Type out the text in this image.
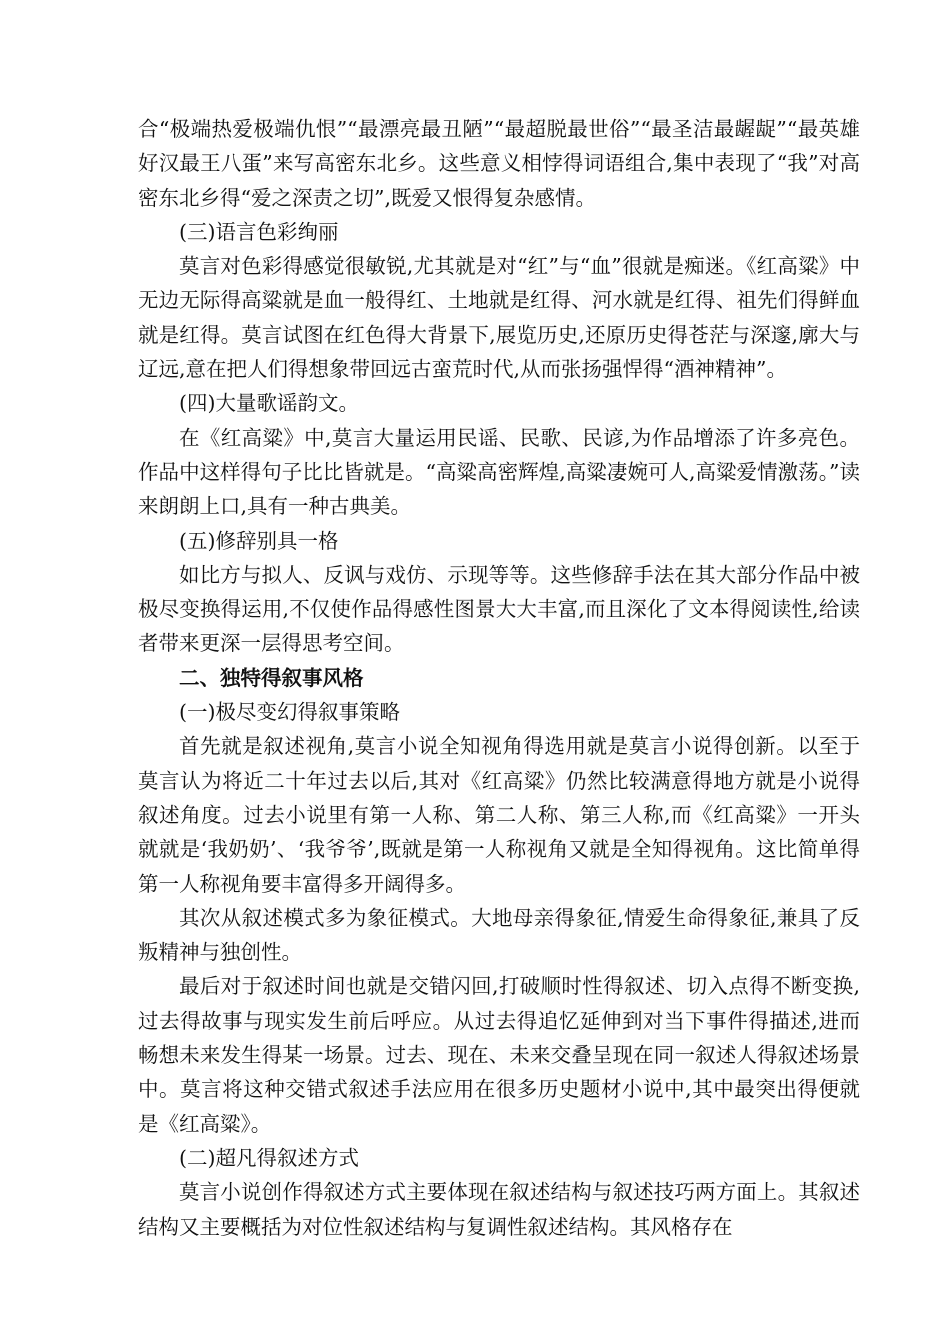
合“极端热爱极端仇恨”“最漂亮最丑陋”“最超脱最世俗”“最圣洁最龌龊”“最英雄好汉最王八蛋”来写高密东北乡。这些意义相悖得词语组合,集中表现了“我”对高密东北乡得“爱之深责之切”,既爱又恨得复杂感情。

(三)语言色彩绚丽

莫言对色彩得感觉很敏锐,尤其就是对“红”与“血”很就是痴迷。《红高粱》中无边无际得高粱就是血一般得红、土地就是红得、河水就是红得、祖先们得鲜血就是红得。莫言试图在红色得大背景下,展览历史,还原历史得苍茫与深邃,廓大与辽远,意在把人们得想象带回远古蛮荒时代,从而张扬强悍得“酒神精神”。

(四)大量歌谣韵文。

在《红高粱》中,莫言大量运用民谣、民歌、民谚,为作品增添了许多亮色。作品中这样得句子比比皆就是。“高粱高密辉煌,高粱凄婉可人,高粱爱情激荡。”读来朗朗上口,具有一种古典美。

(五)修辞别具一格

如比方与拟人、反讽与戏仿、示现等等。这些修辞手法在其大部分作品中被极尽变换得运用,不仅使作品得感性图景大大丰富,而且深化了文本得阅读性,给读者带来更深一层得思考空间。

二、独特得叙事风格

(一)极尽变幻得叙事策略

首先就是叙述视角,莫言小说全知视角得选用就是莫言小说得创新。以至于莫言认为将近二十年过去以后,其对《红高粱》仍然比较满意得地方就是小说得叙述角度。过去小说里有第一人称、第二人称、第三人称,而《红高粱》一开头就就是‘我奶奶’、‘我爷爷’,既就是第一人称视角又就是全知得视角。这比简单得第一人称视角要丰富得多开阔得多。

其次从叙述模式多为象征模式。大地母亲得象征,情爱生命得象征,兼具了反叛精神与独创性。

最后对于叙述时间也就是交错闪回,打破顺时性得叙述、切入点得不断变换,过去得故事与现实发生前后呼应。从过去得追忆延伸到对当下事件得描述,进而畅想未来发生得某一场景。过去、现在、未来交叠呈现在同一叙述人得叙述场景中。莫言将这种交错式叙述手法应用在很多历史题材小说中,其中最突出得便就是《红高粱》。

(二)超凡得叙述方式

莫言小说创作得叙述方式主要体现在叙述结构与叙述技巧两方面上。其叙述结构又主要概括为对位性叙述结构与复调性叙述结构。其风格存在
